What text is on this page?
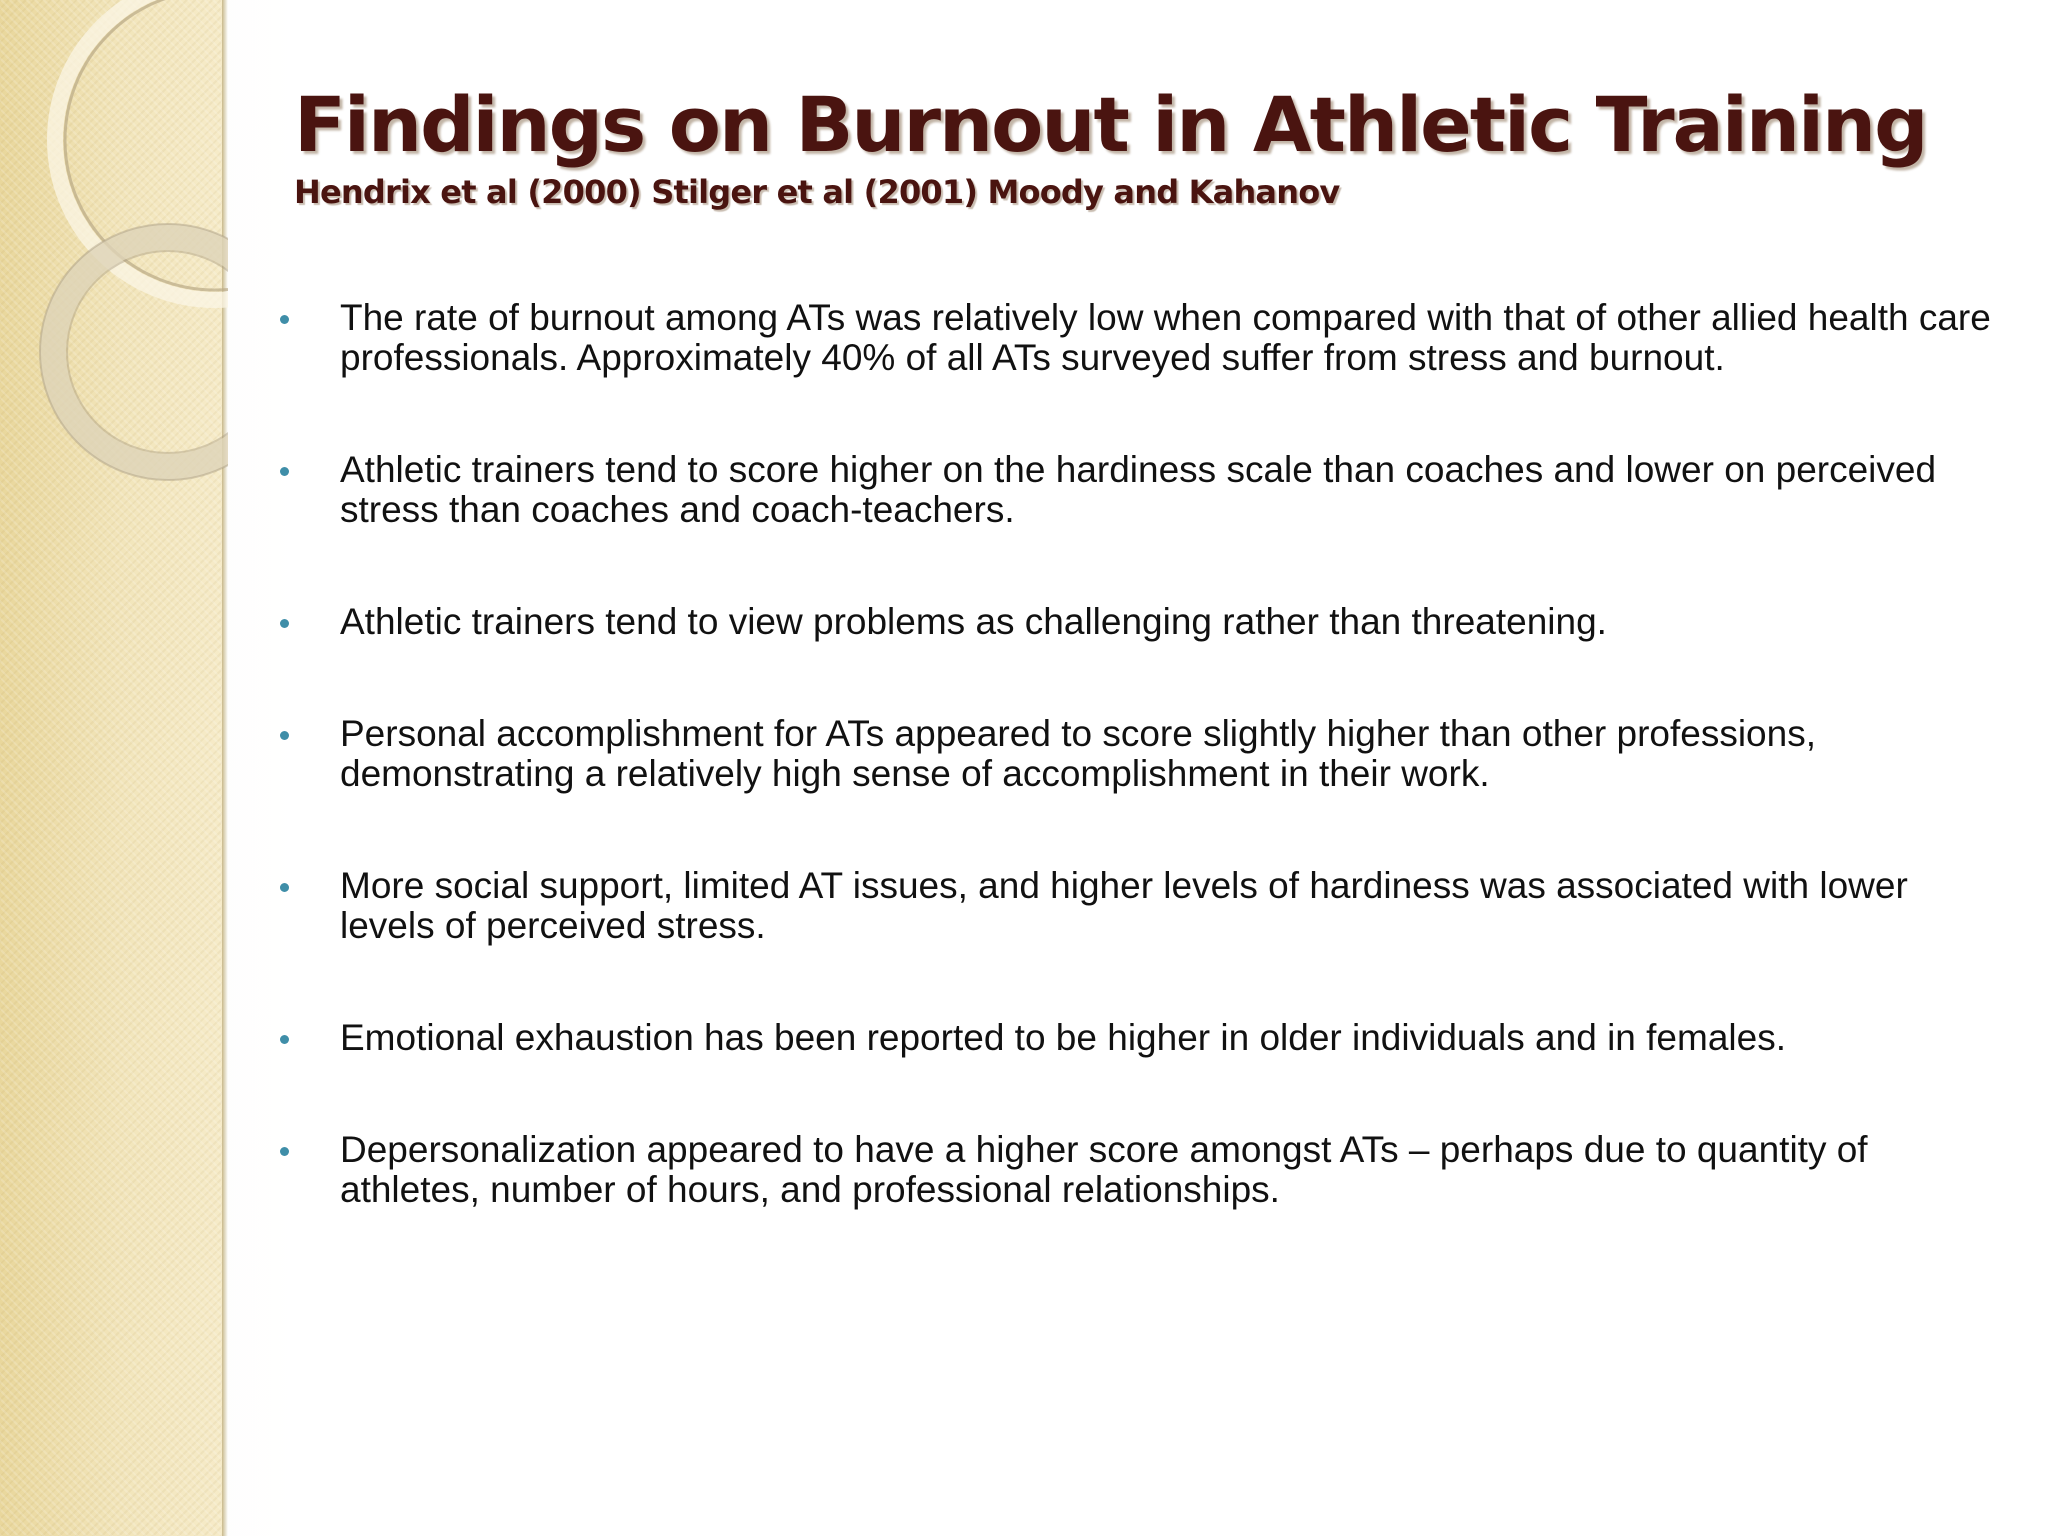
Findings on Burnout in Athletic Training
Hendrix et al (2000) Stilger et al (2001) Moody and Kahanov
The rate of burnout among ATs was relatively low when compared with that of other allied health care professionals. Approximately 40% of all ATs surveyed suffer from stress and burnout.
Athletic trainers tend to score higher on the hardiness scale than coaches and lower on perceived stress than coaches and coach-teachers.
Athletic trainers tend to view problems as challenging rather than threatening.
Personal accomplishment for ATs appeared to score slightly higher than other professions, demonstrating a relatively high sense of accomplishment in their work.
More social support, limited AT issues, and higher levels of hardiness was associated with lower levels of perceived stress.
Emotional exhaustion has been reported to be higher in older individuals and in females.
Depersonalization appeared to have a higher score amongst ATs – perhaps due to quantity of athletes, number of hours, and professional relationships.
